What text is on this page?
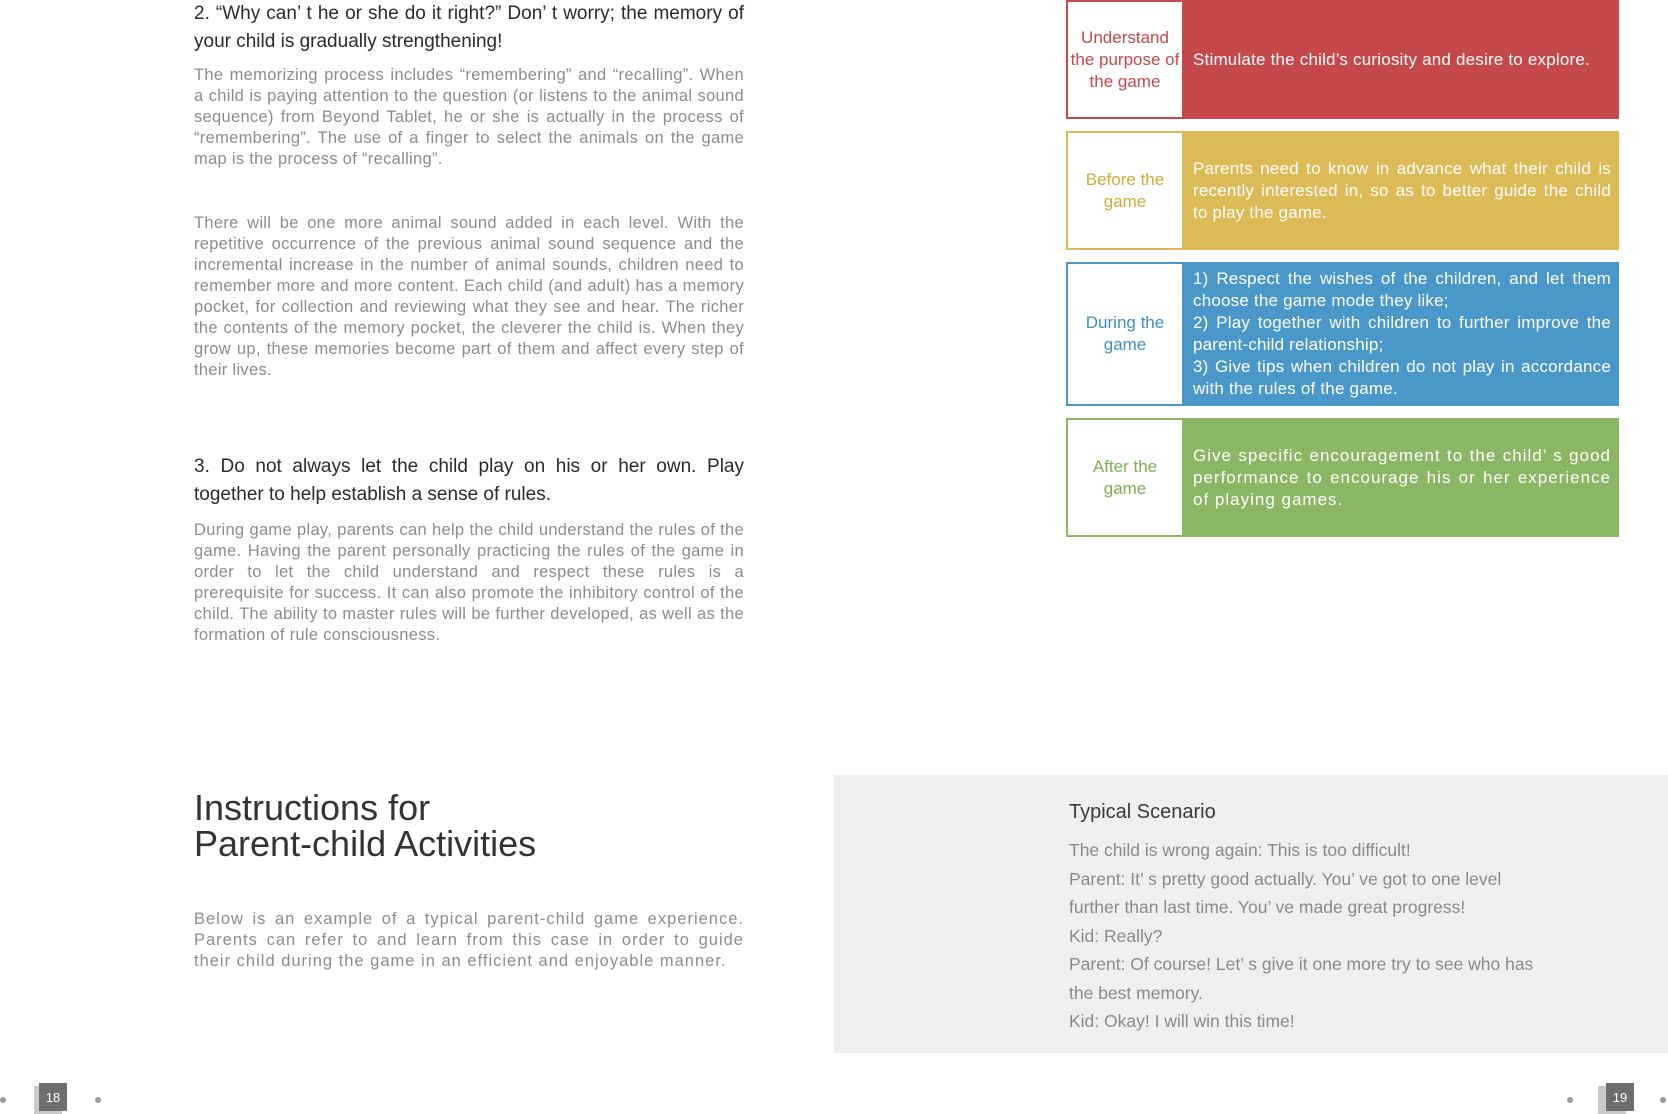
2. “Why can’ t he or she do it right?” Don’ t worry; the memory of your child is gradually strengthening!
The memorizing process includes “remembering” and “recalling”. When a child is paying attention to the question (or listens to the animal sound sequence) from Beyond Tablet, he or she is actually in the process of “remembering”. The use of a finger to select the animals on the game map is the process of “recalling”.
There will be one more animal sound added in each level. With the repetitive occurrence of the previous animal sound sequence and the incremental increase in the number of animal sounds, children need to remember more and more content. Each child (and adult) has a memory pocket, for collection and reviewing what they see and hear. The richer the contents of the memory pocket, the cleverer the child is. When they grow up, these memories become part of them and affect every step of their lives.
3. Do not always let the child play on his or her own. Play together to help establish a sense of rules.
During game play, parents can help the child understand the rules of the game. Having the parent personally practicing the rules of the game in order to let the child understand and respect these rules is a prerequisite for success. It can also promote the inhibitory control of the child. The ability to master rules will be further developed, as well as the formation of rule consciousness.
Instructions for
Parent-child Activities
Below is an example of a typical parent-child game experience. Parents can refer to and learn from this case in order to guide their child during the game in an efficient and enjoyable manner.
18
Understand the purpose of the game
Stimulate the child’s curiosity and desire to explore.
Before the game
Parents need to know in advance what their child is recently interested in, so as to better guide the child to play the game.
During the game
1) Respect the wishes of the children, and let them choose the game mode they like;
2) Play together with children to further improve the parent-child relationship;
3) Give tips when children do not play in accordance with the rules of the game.
After the game
Give specific encouragement to the child’ s good performance to encourage his or her experience of playing games.
Typical Scenario
The child is wrong again: This is too difficult!
Parent: It’ s pretty good actually. You’ ve got to one level
further than last time. You’ ve made great progress!
Kid: Really?
Parent: Of course! Let’ s give it one more try to see who has
the best memory.
Kid: Okay! I will win this time!
19
